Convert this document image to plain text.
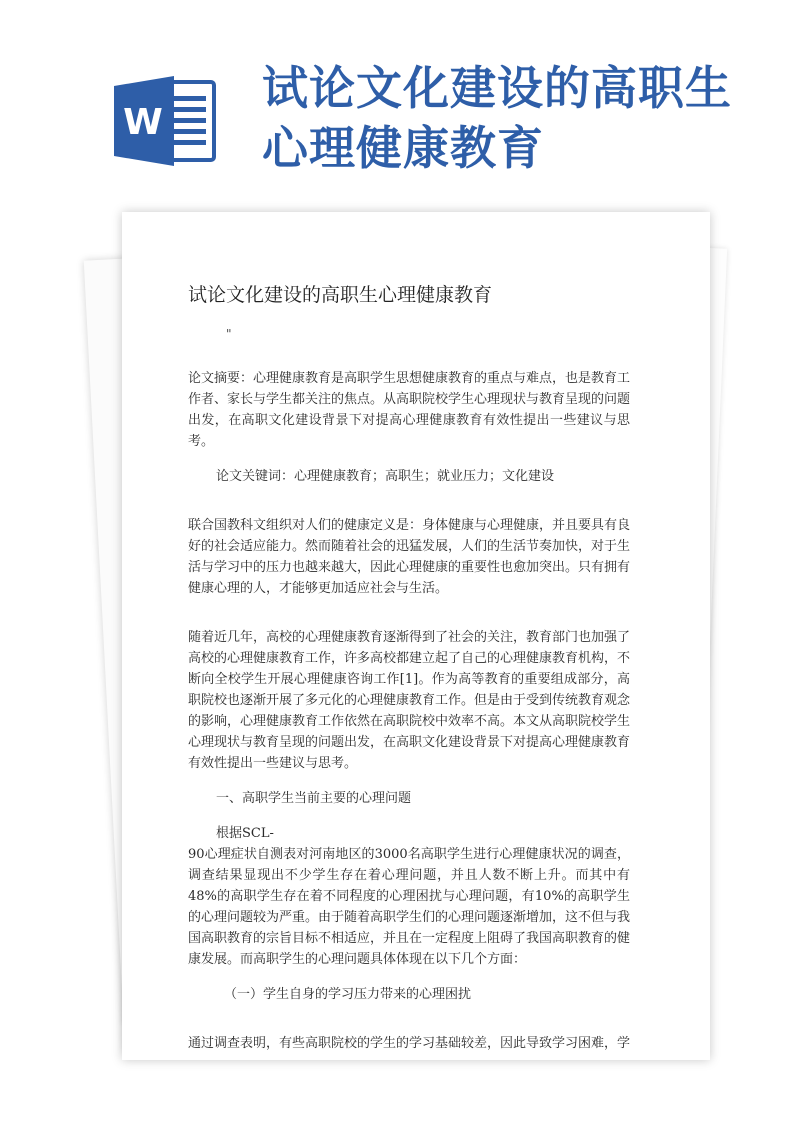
W
试论文化建设的高职生
心理健康教育
试论文化建设的高职生心理健康教育
"

论文摘要：心理健康教育是高职学生思想健康教育的重点与难点，也是教育工作者、家长与学生都关注的焦点。从高职院校学生心理现状与教育呈现的问题出发，在高职文化建设背景下对提高心理健康教育有效性提出一些建议与思考。

论文关键词：心理健康教育；高职生；就业压力；文化建设

联合国教科文组织对人们的健康定义是：身体健康与心理健康，并且要具有良好的社会适应能力。然而随着社会的迅猛发展，人们的生活节奏加快，对于生活与学习中的压力也越来越大，因此心理健康的重要性也愈加突出。只有拥有健康心理的人，才能够更加适应社会与生活。

随着近几年，高校的心理健康教育逐渐得到了社会的关注，教育部门也加强了高校的心理健康教育工作，许多高校都建立起了自己的心理健康教育机构，不断向全校学生开展心理健康咨询工作[1]。作为高等教育的重要组成部分，高职院校也逐渐开展了多元化的心理健康教育工作。但是由于受到传统教育观念的影响，心理健康教育工作依然在高职院校中效率不高。本文从高职院校学生心理现状与教育呈现的问题出发，在高职文化建设背景下对提高心理健康教育有效性提出一些建议与思考。

一、高职学生当前主要的心理问题

根据SCL-

90心理症状自测表对河南地区的3000名高职学生进行心理健康状况的调查，调查结果显现出不少学生存在着心理问题，并且人数不断上升。而其中有48%的高职学生存在着不同程度的心理困扰与心理问题，有10%的高职学生的心理问题较为严重。由于随着高职学生们的心理问题逐渐增加，这不但与我国高职教育的宗旨目标不相适应，并且在一定程度上阻碍了我国高职教育的健康发展。而高职学生的心理问题具体体现在以下几个方面：

（一）学生自身的学习压力带来的心理困扰

通过调查表明，有些高职院校的学生的学习基础较差，因此导致学习困难，学
